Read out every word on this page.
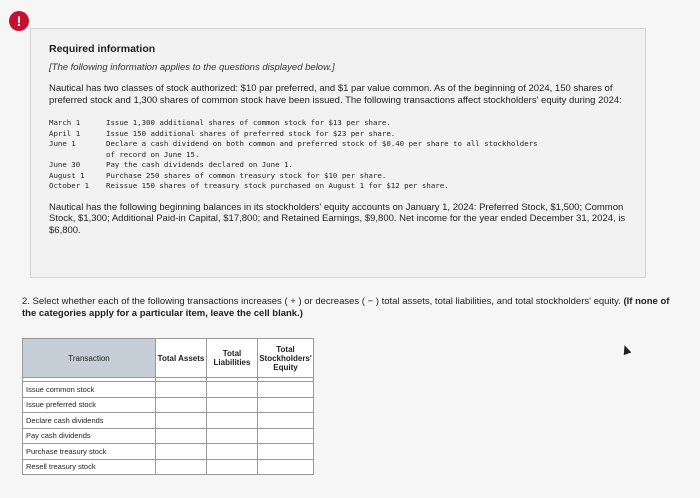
!

Required information

[The following information applies to the questions displayed below.]

Nautical has two classes of stock authorized: $10 par preferred, and $1 par value common. As of the beginning of 2024, 150 shares of preferred stock and 1,300 shares of common stock have been issued. The following transactions affect stockholders' equity during 2024:

March 1	Issue 1,300 additional shares of common stock for $13 per share.
April 1	Issue 150 additional shares of preferred stock for $23 per share.
June 1	Declare a cash dividend on both common and preferred stock of $0.40 per share to all stockholders
of record on June 15.
June 30	Pay the cash dividends declared on June 1.
August 1	Purchase 250 shares of common treasury stock for $10 per share.
October 1	Reissue 150 shares of treasury stock purchased on August 1 for $12 per share.

Nautical has the following beginning balances in its stockholders' equity accounts on January 1, 2024: Preferred Stock, $1,500; Common Stock, $1,300; Additional Paid-in Capital, $17,800; and Retained Earnings, $9,800. Net income for the year ended December 31, 2024, is $6,800.

2. Select whether each of the following transactions increases ( + ) or decreases ( − ) total assets, total liabilities, and total stockholders' equity. (If none of the categories apply for a particular item, leave the cell blank.)
Transaction	Total Assets	Total Liabilities	Total Stockholders' Equity

Issue common stock			
Issue preferred stock			
Declare cash dividends			
Pay cash dividends			
Purchase treasury stock			
Resell treasury stock			
